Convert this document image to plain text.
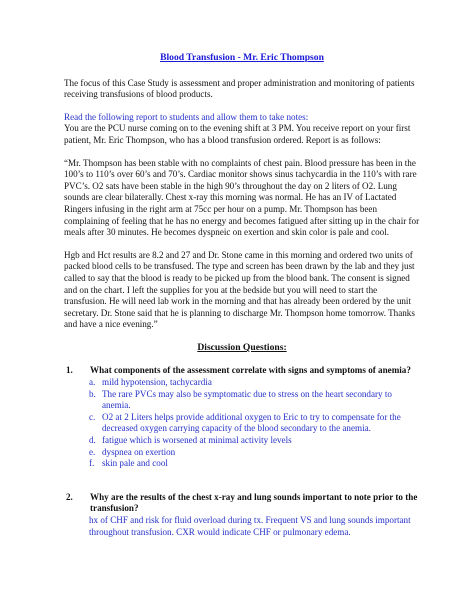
Blood Transfusion - Mr. Eric Thompson

The focus of this Case Study is assessment and proper administration and monitoring of patients receiving transfusions of blood products.

Read the following report to students and allow them to take notes:

You are the PCU nurse coming on to the evening shift at 3 PM. You receive report on your first patient, Mr. Eric Thompson, who has a blood transfusion ordered. Report is as follows:

“Mr. Thompson has been stable with no complaints of chest pain. Blood pressure has been in the 100’s to 110’s over 60’s and 70’s. Cardiac monitor shows sinus tachycardia in the 110’s with rare PVC’s. O2 sats have been stable in the high 90’s throughout the day on 2 liters of O2. Lung sounds are clear bilaterally. Chest x-ray this morning was normal. He has an IV of Lactated Ringers infusing in the right arm at 75cc per hour on a pump. Mr. Thompson has been complaining of feeling that he has no energy and becomes fatigued after sitting up in the chair for meals after 30 minutes. He becomes dyspneic on exertion and skin color is pale and cool.

Hgb and Hct results are 8.2 and 27 and Dr. Stone came in this morning and ordered two units of packed blood cells to be transfused. The type and screen has been drawn by the lab and they just called to say that the blood is ready to be picked up from the blood bank. The consent is signed and on the chart. I left the supplies for you at the bedside but you will need to start the transfusion. He will need lab work in the morning and that has already been ordered by the unit secretary. Dr. Stone said that he is planning to discharge Mr. Thompson home tomorrow. Thanks and have a nice evening.”

Discussion Questions:
1.	What components of the assessment correlate with signs and symptoms of anemia?
a. mild hypotension, tachycardia
b. The rare PVCs may also be symptomatic due to stress on the heart secondary to anemia.
c. O2 at 2 Liters helps provide additional oxygen to Eric to try to compensate for the decreased oxygen carrying capacity of the blood secondary to the anemia.
d. fatigue which is worsened at minimal activity levels
e. dyspnea on exertion
f. skin pale and cool
2.	Why are the results of the chest x-ray and lung sounds important to note prior to the transfusion?
hx of CHF and risk for fluid overload during tx. Frequent VS and lung sounds important throughout transfusion. CXR would indicate CHF or pulmonary edema.
